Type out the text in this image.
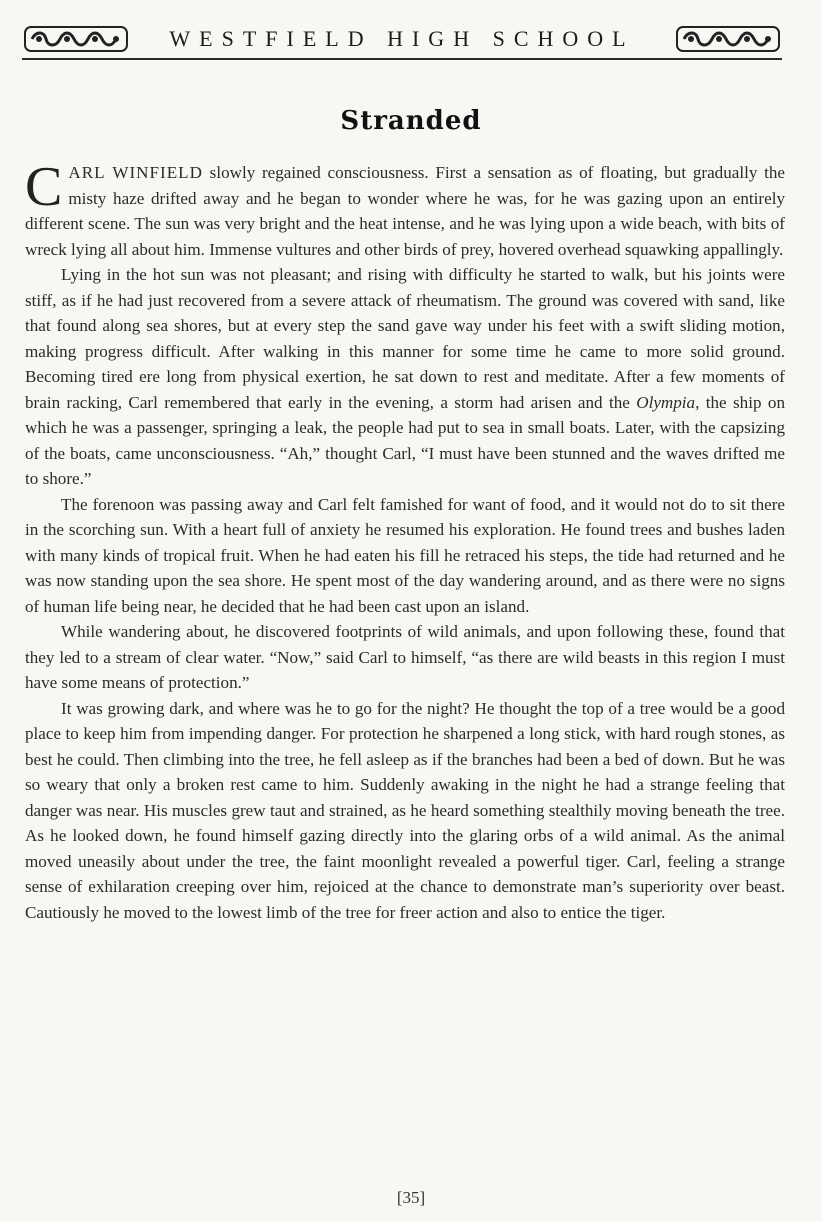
WESTFIELD HIGH SCHOOL
Stranded

CARL WINFIELD slowly regained consciousness. First a sensation as of floating, but gradually the misty haze drifted away and he began to wonder where he was, for he was gazing upon an entirely different scene. The sun was very bright and the heat intense, and he was lying upon a wide beach, with bits of wreck lying all about him. Immense vultures and other birds of prey, hovered overhead squawking appallingly.

Lying in the hot sun was not pleasant; and rising with difficulty he started to walk, but his joints were stiff, as if he had just recovered from a severe attack of rheumatism. The ground was covered with sand, like that found along sea shores, but at every step the sand gave way under his feet with a swift sliding motion, making progress difficult. After walking in this manner for some time he came to more solid ground. Becoming tired ere long from physical exertion, he sat down to rest and meditate. After a few moments of brain racking, Carl remembered that early in the evening, a storm had arisen and the Olympia, the ship on which he was a passenger, springing a leak, the people had put to sea in small boats. Later, with the capsizing of the boats, came unconsciousness. “Ah,” thought Carl, “I must have been stunned and the waves drifted me to shore.”

The forenoon was passing away and Carl felt famished for want of food, and it would not do to sit there in the scorching sun. With a heart full of anxiety he resumed his exploration. He found trees and bushes laden with many kinds of tropical fruit. When he had eaten his fill he retraced his steps, the tide had returned and he was now standing upon the sea shore. He spent most of the day wandering around, and as there were no signs of human life being near, he decided that he had been cast upon an island.

While wandering about, he discovered footprints of wild animals, and upon following these, found that they led to a stream of clear water. “Now,” said Carl to himself, “as there are wild beasts in this region I must have some means of protection.”

It was growing dark, and where was he to go for the night? He thought the top of a tree would be a good place to keep him from impending danger. For protection he sharpened a long stick, with hard rough stones, as best he could. Then climbing into the tree, he fell asleep as if the branches had been a bed of down. But he was so weary that only a broken rest came to him. Suddenly awaking in the night he had a strange feeling that danger was near. His muscles grew taut and strained, as he heard something stealthily moving beneath the tree. As he looked down, he found himself gazing directly into the glaring orbs of a wild animal. As the animal moved uneasily about under the tree, the faint moonlight revealed a powerful tiger. Carl, feeling a strange sense of exhilaration creeping over him, rejoiced at the chance to demonstrate man’s superiority over beast. Cautiously he moved to the lowest limb of the tree for freer action and also to entice the tiger.

[35]
